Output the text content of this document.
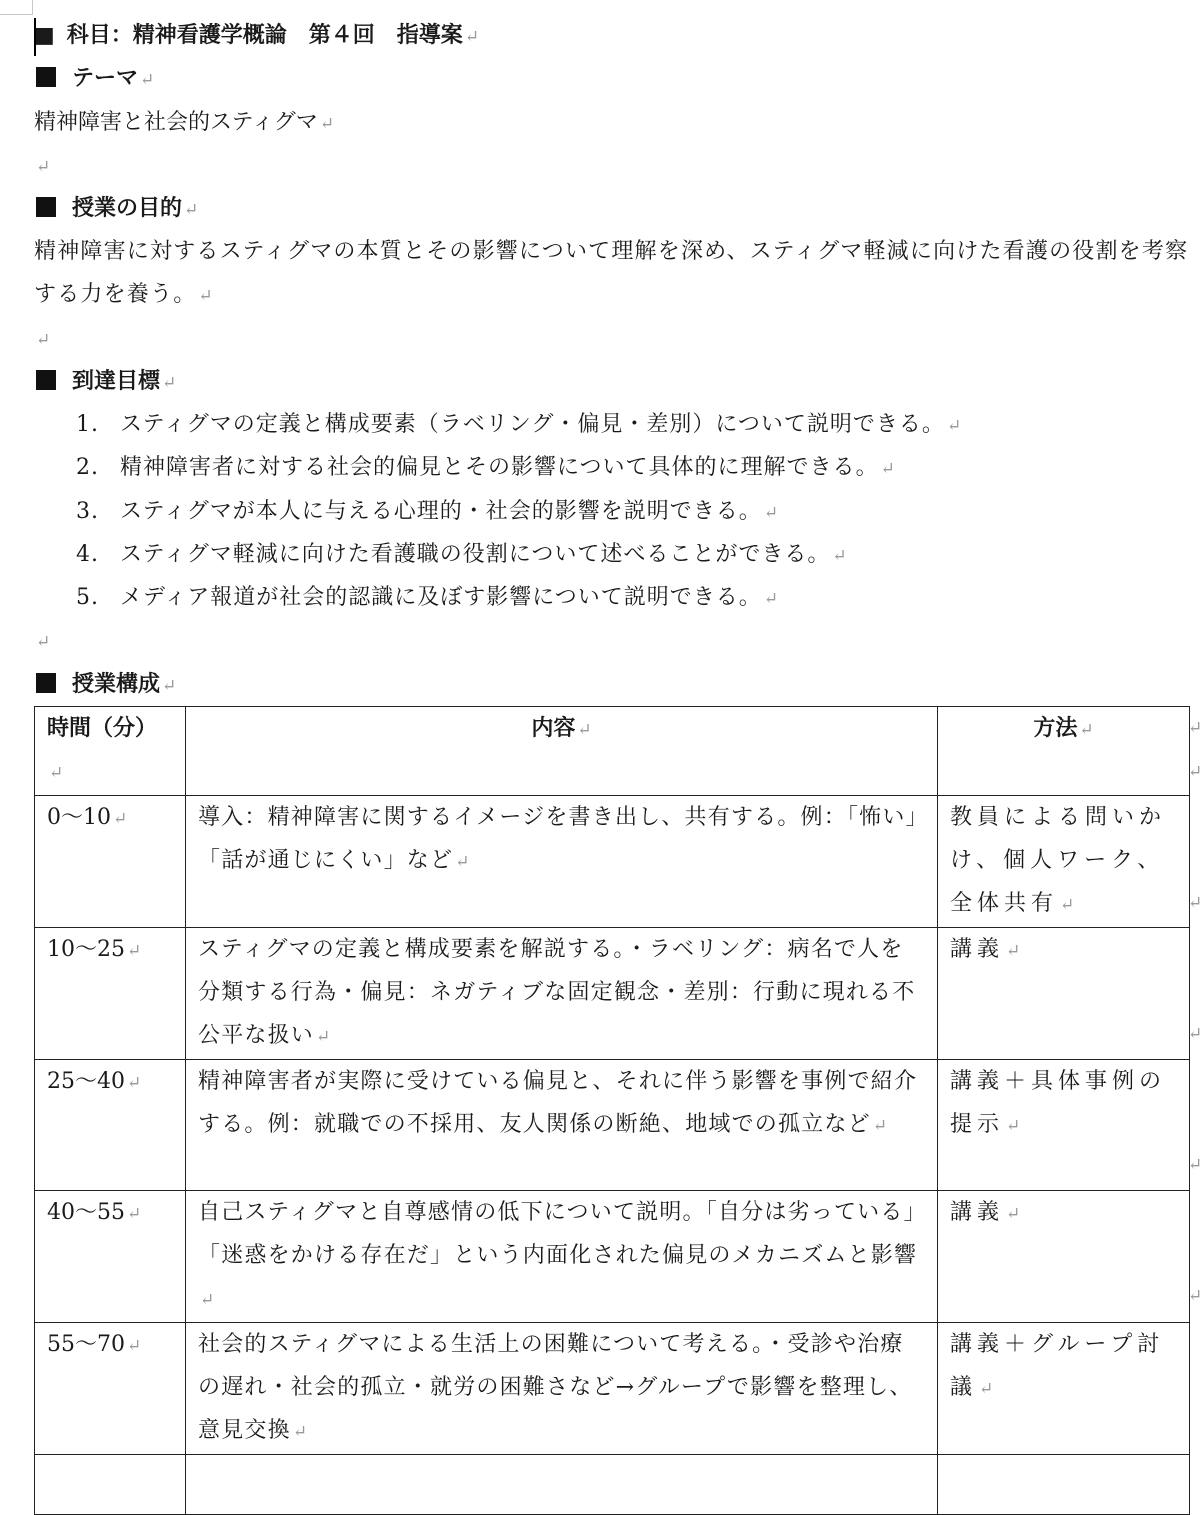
■ 科目：精神看護学概論　第４回　指導案 ↵
テーマ ↵
精神障害と社会的スティグマ ↵
↵
授業の目的 ↵
精神障害に対するスティグマの本質とその影響について理解を深め、スティグマ軽減に向けた看護の役割を考察する力を養う。 ↵
↵
到達目標 ↵
1. スティグマの定義と構成要素（ラベリング・偏見・差別）について説明できる。 ↵
2. 精神障害者に対する社会的偏見とその影響について具体的に理解できる。 ↵
3. スティグマが本人に与える心理的・社会的影響を説明できる。 ↵
4. スティグマ軽減に向けた看護職の役割について述べることができる。 ↵
5. メディア報道が社会的認識に及ぼす影響について説明できる。 ↵
↵
授業構成 ↵
時間（分）↵	内容 ↵	方法 ↵
0〜10 ↵	導入：精神障害に関するイメージを書き出し、共有する。例：「怖い」「話が通じにくい」など ↵	教員による問いかけ、個人ワーク、全体共有 ↵
10〜25 ↵	スティグマの定義と構成要素を解説する。・ラベリング：病名で人を分類する行為・偏見：ネガティブな固定観念・差別：行動に現れる不公平な扱い ↵	講義 ↵
25〜40 ↵	精神障害者が実際に受けている偏見と、それに伴う影響を事例で紹介する。例：就職での不採用、友人関係の断絶、地域での孤立など ↵	講義＋具体事例の提示 ↵
40〜55 ↵	自己スティグマと自尊感情の低下について説明。「自分は劣っている」「迷惑をかける存在だ」という内面化された偏見のメカニズムと影響↵	講義 ↵
55〜70 ↵	社会的スティグマによる生活上の困難について考える。・受診や治療の遅れ・社会的孤立・就労の困難さなど→グループで影響を整理し、意見交換 ↵	講義＋グループ討議 ↵

↵
↵
↵
↵
↵
↵
